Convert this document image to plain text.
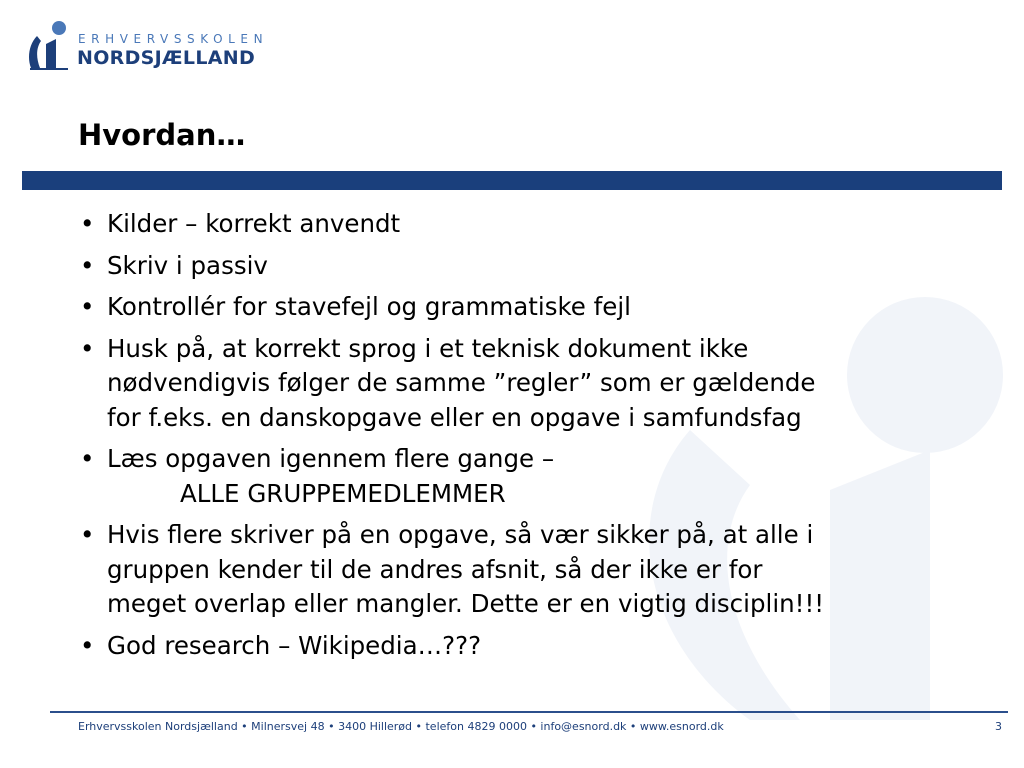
ERHVERVSSKOLEN
NORDSJÆLLAND
Hvordan…
• Kilder – korrekt anvendt
• Skriv i passiv
• Kontrollér for stavefejl og grammatiske fejl
• Husk på, at korrekt sprog i et teknisk dokument ikke
nødvendigvis følger de samme ”regler” som er gældende
for f.eks. en danskopgave eller en opgave i samfundsfag
• Læs opgaven igennem flere gange –
ALLE GRUPPEMEDLEMMER
• Hvis flere skriver på en opgave, så vær sikker på, at alle i
gruppen kender til de andres afsnit, så der ikke er for
meget overlap eller mangler. Dette er en vigtig disciplin!!!
• God research – Wikipedia…???
Erhvervsskolen Nordsjælland • Milnersvej 48 • 3400 Hillerød • telefon 4829 0000 • info@esnord.dk • www.esnord.dk	3
